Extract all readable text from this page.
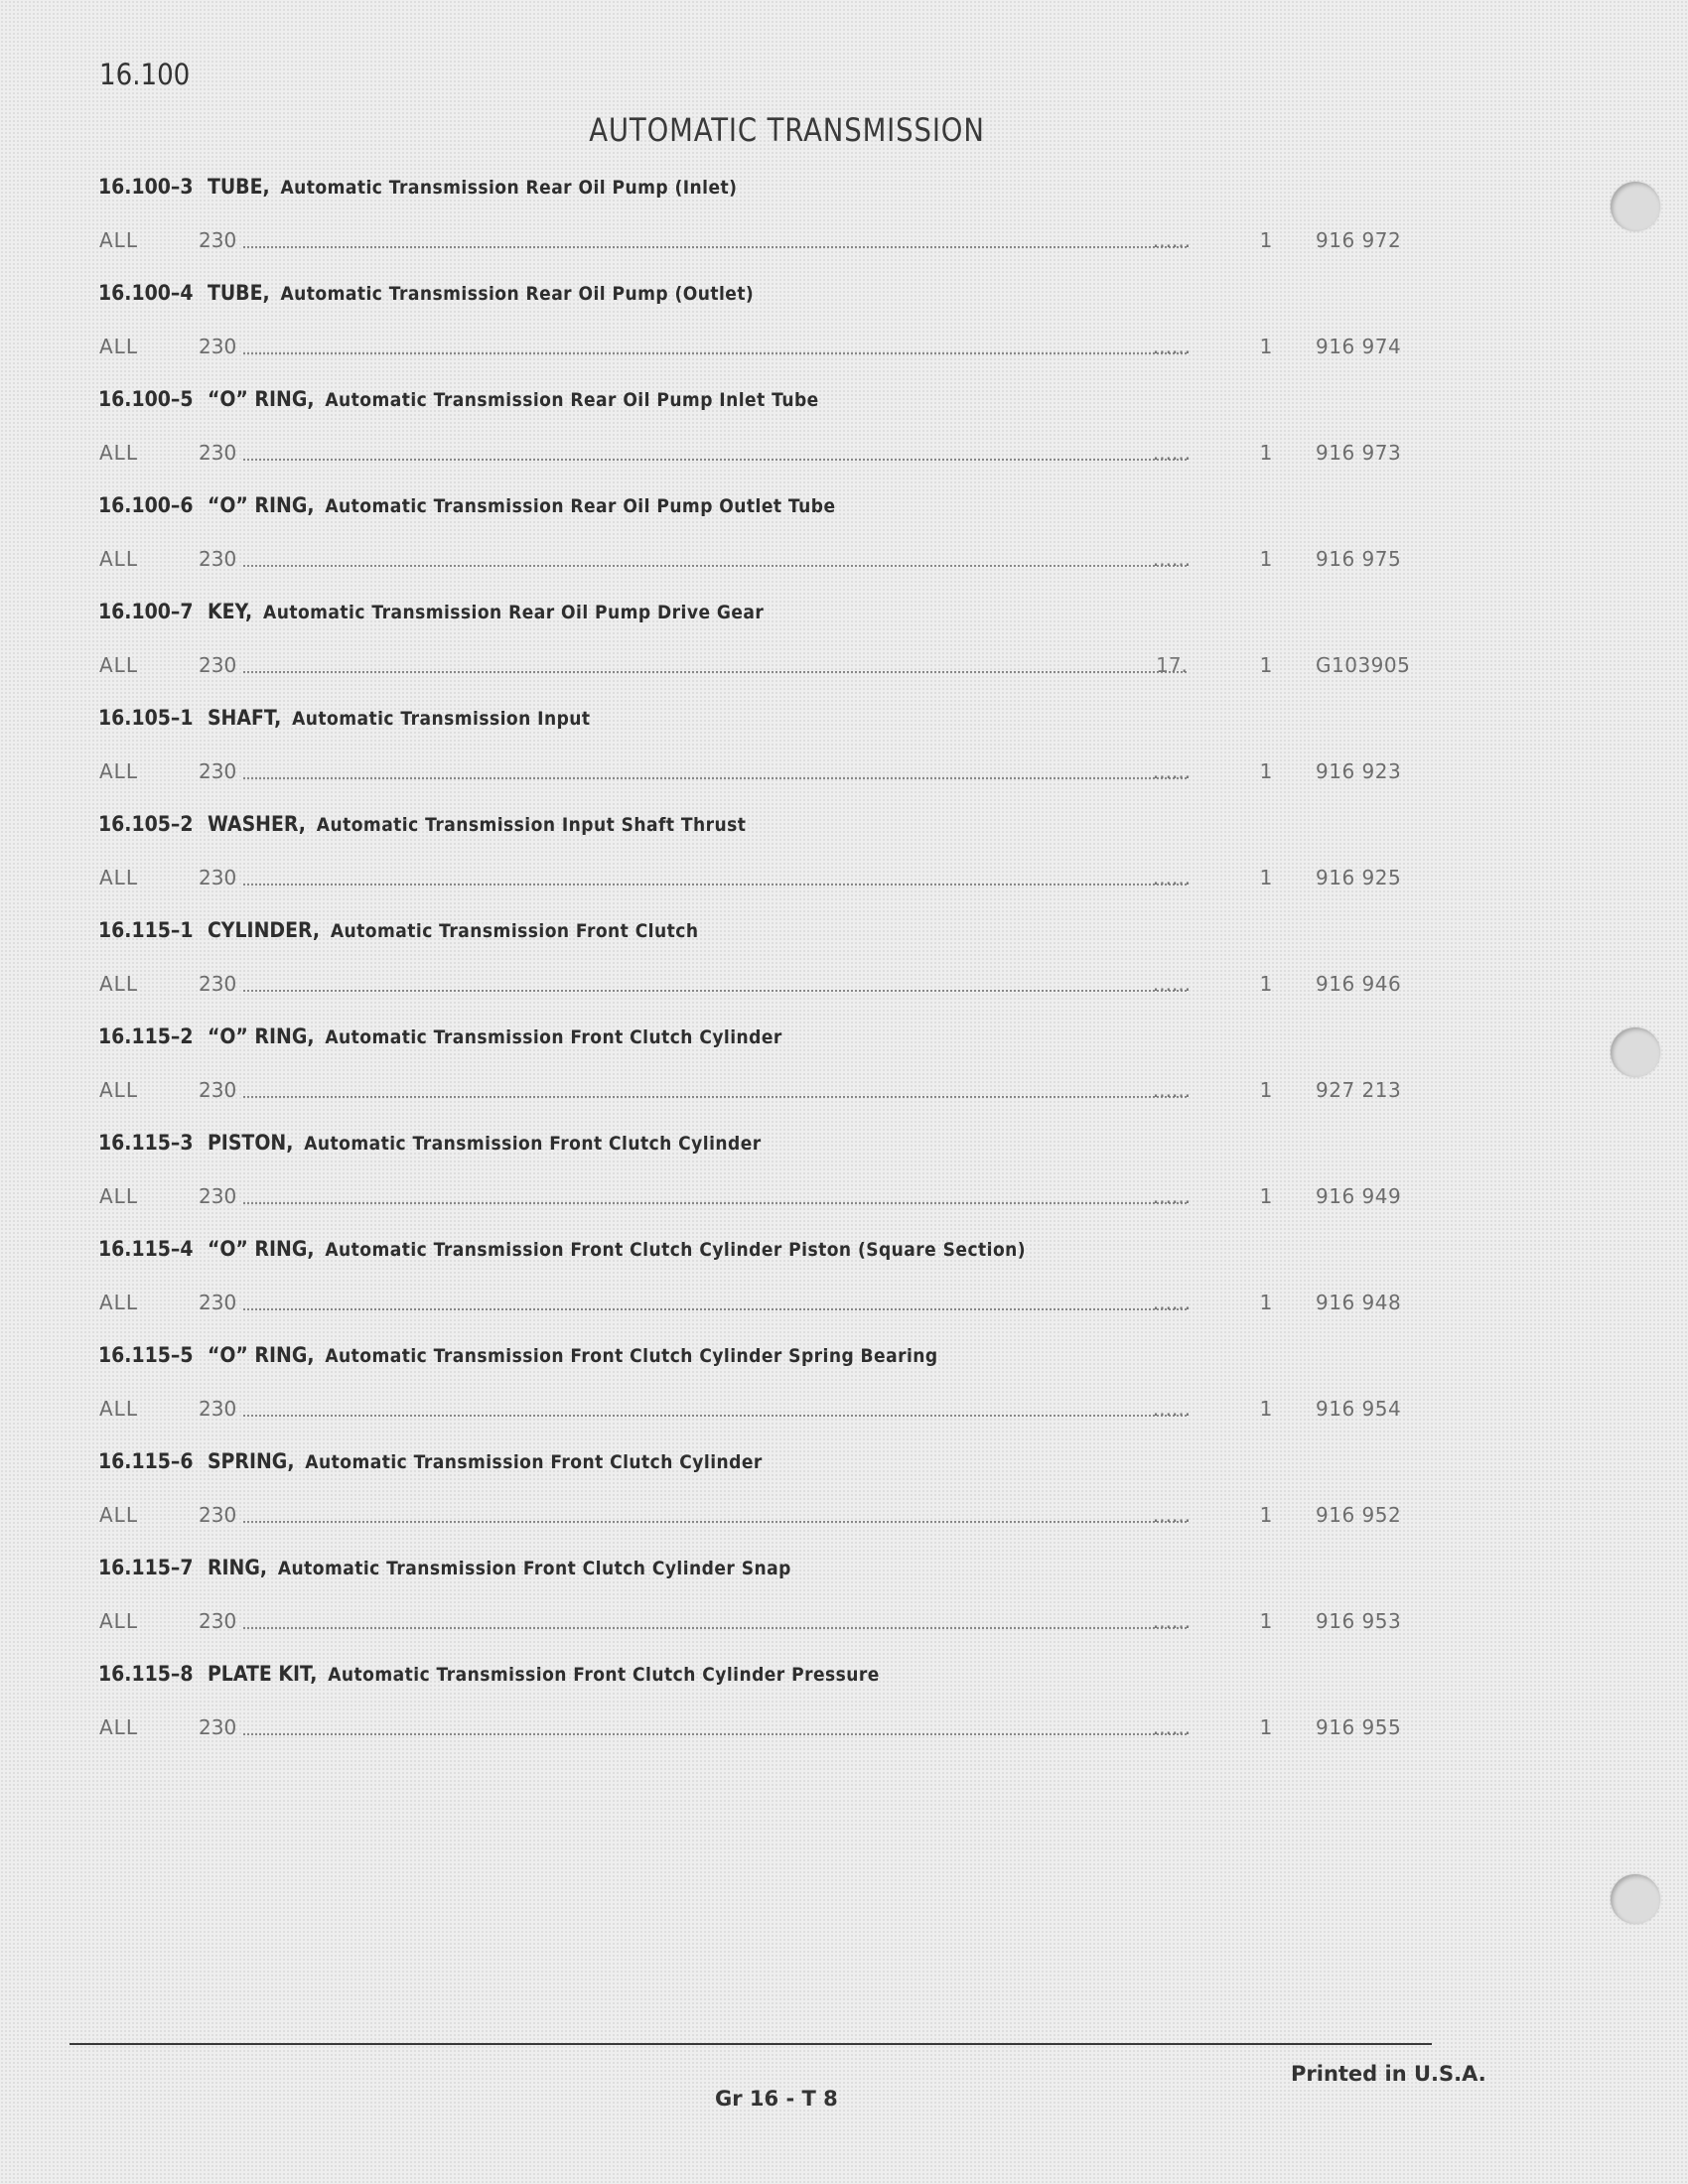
16.100
AUTOMATIC TRANSMISSION
16.100–3 TUBE, Automatic Transmission Rear Oil Pump (Inlet)
ALL	230	......	1	916 972
16.100–4 TUBE, Automatic Transmission Rear Oil Pump (Outlet)
ALL	230	......	1	916 974
16.100–5 “O” RING, Automatic Transmission Rear Oil Pump Inlet Tube
ALL	230	......	1	916 973
16.100–6 “O” RING, Automatic Transmission Rear Oil Pump Outlet Tube
ALL	230	......	1	916 975
16.100–7 KEY, Automatic Transmission Rear Oil Pump Drive Gear
ALL	230	17.	1	G103905
16.105–1 SHAFT, Automatic Transmission Input
ALL	230	......	1	916 923
16.105–2 WASHER, Automatic Transmission Input Shaft Thrust
ALL	230	......	1	916 925
16.115–1 CYLINDER, Automatic Transmission Front Clutch
ALL	230	......	1	916 946
16.115–2 “O” RING, Automatic Transmission Front Clutch Cylinder
ALL	230	......	1	927 213
16.115–3 PISTON, Automatic Transmission Front Clutch Cylinder
ALL	230	......	1	916 949
16.115–4 “O” RING, Automatic Transmission Front Clutch Cylinder Piston (Square Section)
ALL	230	......	1	916 948
16.115–5 “O” RING, Automatic Transmission Front Clutch Cylinder Spring Bearing
ALL	230	......	1	916 954
16.115–6 SPRING, Automatic Transmission Front Clutch Cylinder
ALL	230	......	1	916 952
16.115–7 RING, Automatic Transmission Front Clutch Cylinder Snap
ALL	230	......	1	916 953
16.115–8 PLATE KIT, Automatic Transmission Front Clutch Cylinder Pressure
ALL	230	......	1	916 955
Gr 16 - T 8
Printed in U.S.A.
